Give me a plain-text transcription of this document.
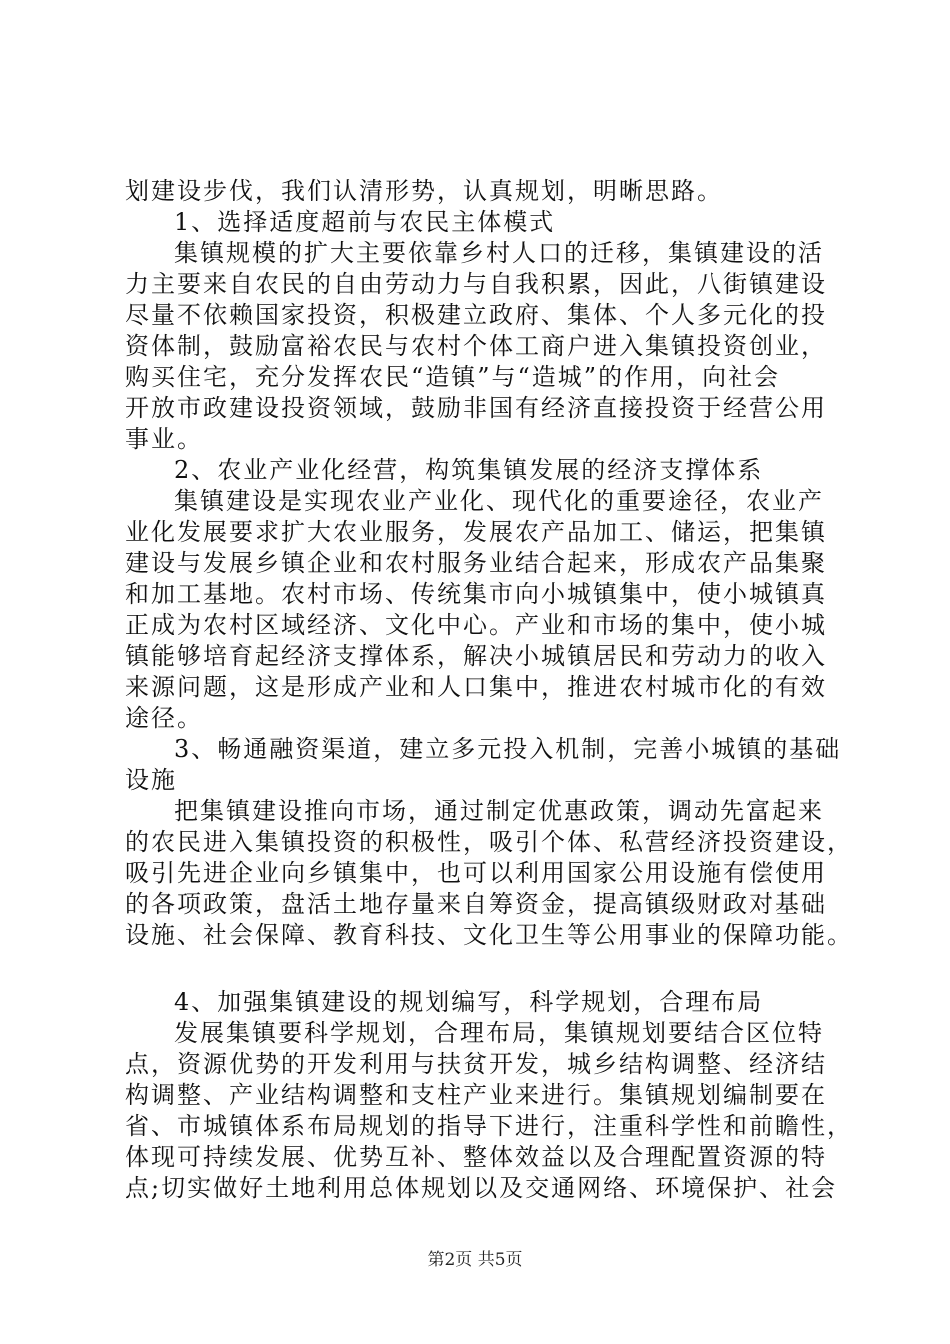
划建设步伐，我们认清形势，认真规划，明晰思路。
1、选择适度超前与农民主体模式
集镇规模的扩大主要依靠乡村人口的迁移，集镇建设的活
力主要来自农民的自由劳动力与自我积累，因此，八街镇建设
尽量不依赖国家投资，积极建立政府、集体、个人多元化的投
资体制，鼓励富裕农民与农村个体工商户进入集镇投资创业，
购买住宅，充分发挥农民“造镇”与“造城”的作用，向社会
开放市政建设投资领域，鼓励非国有经济直接投资于经营公用
事业。
2、农业产业化经营，构筑集镇发展的经济支撑体系
集镇建设是实现农业产业化、现代化的重要途径，农业产
业化发展要求扩大农业服务，发展农产品加工、储运，把集镇
建设与发展乡镇企业和农村服务业结合起来，形成农产品集聚
和加工基地。农村市场、传统集市向小城镇集中，使小城镇真
正成为农村区域经济、文化中心。产业和市场的集中，使小城
镇能够培育起经济支撑体系，解决小城镇居民和劳动力的收入
来源问题，这是形成产业和人口集中，推进农村城市化的有效
途径。
3、畅通融资渠道，建立多元投入机制，完善小城镇的基础
设施
把集镇建设推向市场，通过制定优惠政策，调动先富起来
的农民进入集镇投资的积极性，吸引个体、私营经济投资建设，
吸引先进企业向乡镇集中，也可以利用国家公用设施有偿使用
的各项政策，盘活土地存量来自筹资金，提高镇级财政对基础
设施、社会保障、教育科技、文化卫生等公用事业的保障功能。
4、加强集镇建设的规划编写，科学规划，合理布局
发展集镇要科学规划，合理布局，集镇规划要结合区位特
点，资源优势的开发利用与扶贫开发，城乡结构调整、经济结
构调整、产业结构调整和支柱产业来进行。集镇规划编制要在
省、市城镇体系布局规划的指导下进行，注重科学性和前瞻性，
体现可持续发展、优势互补、整体效益以及合理配置资源的特
点;切实做好土地利用总体规划以及交通网络、环境保护、社会
第2页 共5页
